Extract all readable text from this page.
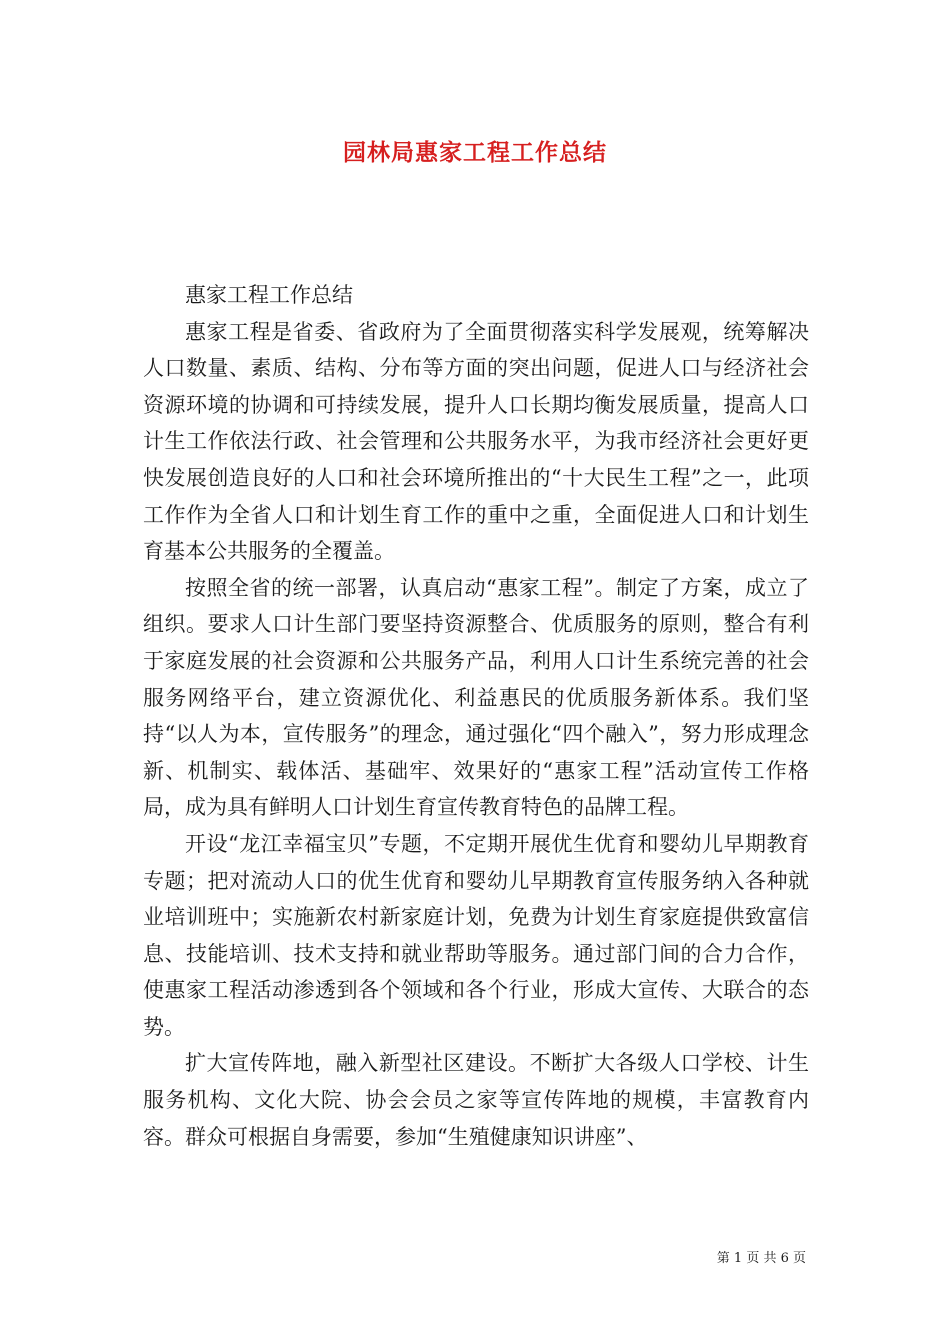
园林局惠家工程工作总结

惠家工程工作总结

惠家工程是省委、省政府为了全面贯彻落实科学发展观，统筹解决人口数量、素质、结构、分布等方面的突出问题，促进人口与经济社会资源环境的协调和可持续发展，提升人口长期均衡发展质量，提高人口计生工作依法行政、社会管理和公共服务水平，为我市经济社会更好更快发展创造良好的人口和社会环境所推出的“十大民生工程”之一，此项工作作为全省人口和计划生育工作的重中之重，全面促进人口和计划生育基本公共服务的全覆盖。

按照全省的统一部署，认真启动“惠家工程”。制定了方案，成立了组织。要求人口计生部门要坚持资源整合、优质服务的原则，整合有利于家庭发展的社会资源和公共服务产品，利用人口计生系统完善的社会服务网络平台，建立资源优化、利益惠民的优质服务新体系。我们坚持“以人为本，宣传服务”的理念，通过强化“四个融入”，努力形成理念新、机制实、载体活、基础牢、效果好的“惠家工程”活动宣传工作格局，成为具有鲜明人口计划生育宣传教育特色的品牌工程。

开设“龙江幸福宝贝”专题，不定期开展优生优育和婴幼儿早期教育专题；把对流动人口的优生优育和婴幼儿早期教育宣传服务纳入各种就业培训班中；实施新农村新家庭计划，免费为计划生育家庭提供致富信息、技能培训、技术支持和就业帮助等服务。通过部门间的合力合作，使惠家工程活动渗透到各个领域和各个行业，形成大宣传、大联合的态势。

扩大宣传阵地，融入新型社区建设。不断扩大各级人口学校、计生服务机构、文化大院、协会会员之家等宣传阵地的规模，丰富教育内容。群众可根据自身需要，参加“生殖健康知识讲座”、

第 1 页 共 6 页
